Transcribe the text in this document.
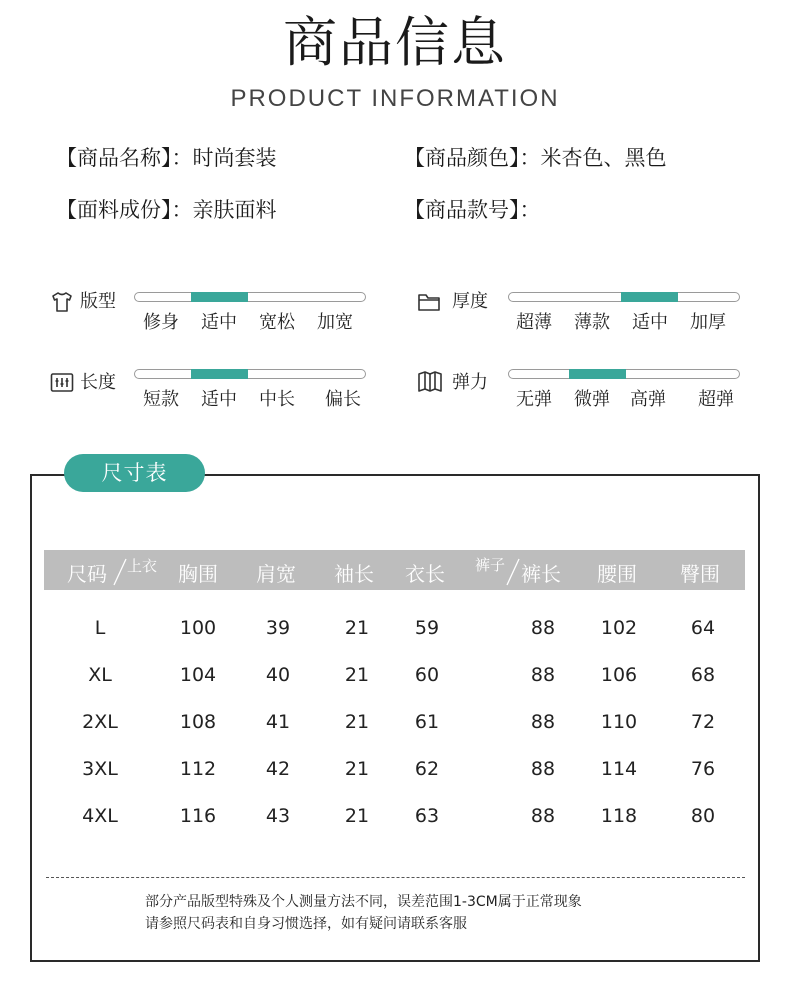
商品信息
PRODUCT INFORMATION
【商品名称】：时尚套装	【商品颜色】：米杏色、黑色
【面料成份】：亲肤面料	【商品款号】：
版型
修身 适中 宽松 加宽
厚度
超薄 薄款 适中 加厚
长度
短款 适中 中长 偏长
弹力
无弹 微弹 高弹 超弹
尺寸表
尺码 上衣 胸围 肩宽 袖长 衣长 裤子 裤长 腰围 臀围
L	100	39	21	59	88	102	64
XL	104	40	21	60	88	106	68
2XL	108	41	21	61	88	110	72
3XL	112	42	21	62	88	114	76
4XL	116	43	21	63	88	118	80
部分产品版型特殊及个人测量方法不同，误差范围1-3CM属于正常现象
请参照尺码表和自身习惯选择，如有疑问请联系客服
